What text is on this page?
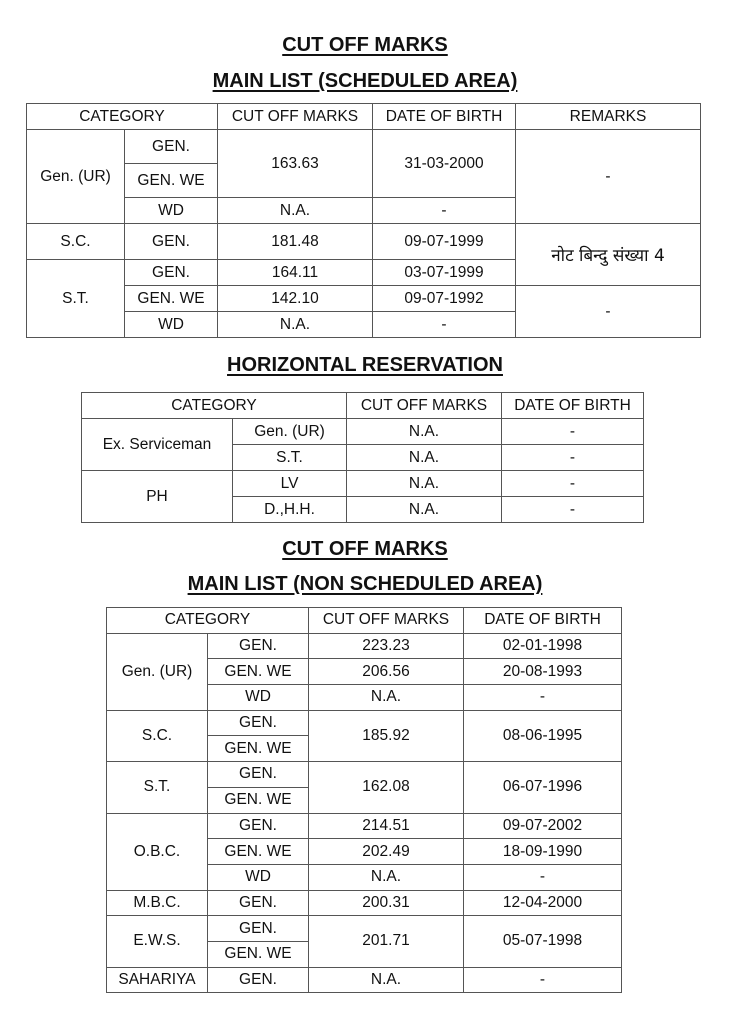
CUT OFF MARKS
MAIN LIST (SCHEDULED AREA)
CATEGORY		CUT OFF MARKS	DATE OF BIRTH	REMARKS
Gen. (UR)	GEN.	163.63	31-03-2000	-
	GEN. WE			
	WD	N.A.	-	
S.C.	GEN.	181.48	09-07-1999	नोट बिन्दु संख्या 4
S.T.	GEN.	164.11	03-07-1999	
	GEN. WE	142.10	09-07-1992	-
	WD	N.A.	-	
HORIZONTAL RESERVATION
CATEGORY		CUT OFF MARKS	DATE OF BIRTH
Ex. Serviceman	Gen. (UR)	N.A.	-
	S.T.	N.A.	-
PH	LV	N.A.	-
	D.,H.H.	N.A.	-
CUT OFF MARKS
MAIN LIST (NON SCHEDULED AREA)
CATEGORY		CUT OFF MARKS	DATE OF BIRTH
Gen. (UR)	GEN.	223.23	02-01-1998
	GEN. WE	206.56	20-08-1993
	WD	N.A.	-
S.C.	GEN.	185.92	08-06-1995
	GEN. WE		
S.T.	GEN.	162.08	06-07-1996
	GEN. WE		
O.B.C.	GEN.	214.51	09-07-2002
	GEN. WE	202.49	18-09-1990
	WD	N.A.	-
M.B.C.	GEN.	200.31	12-04-2000
E.W.S.	GEN.	201.71	05-07-1998
	GEN. WE		
SAHARIYA	GEN.	N.A.	-
